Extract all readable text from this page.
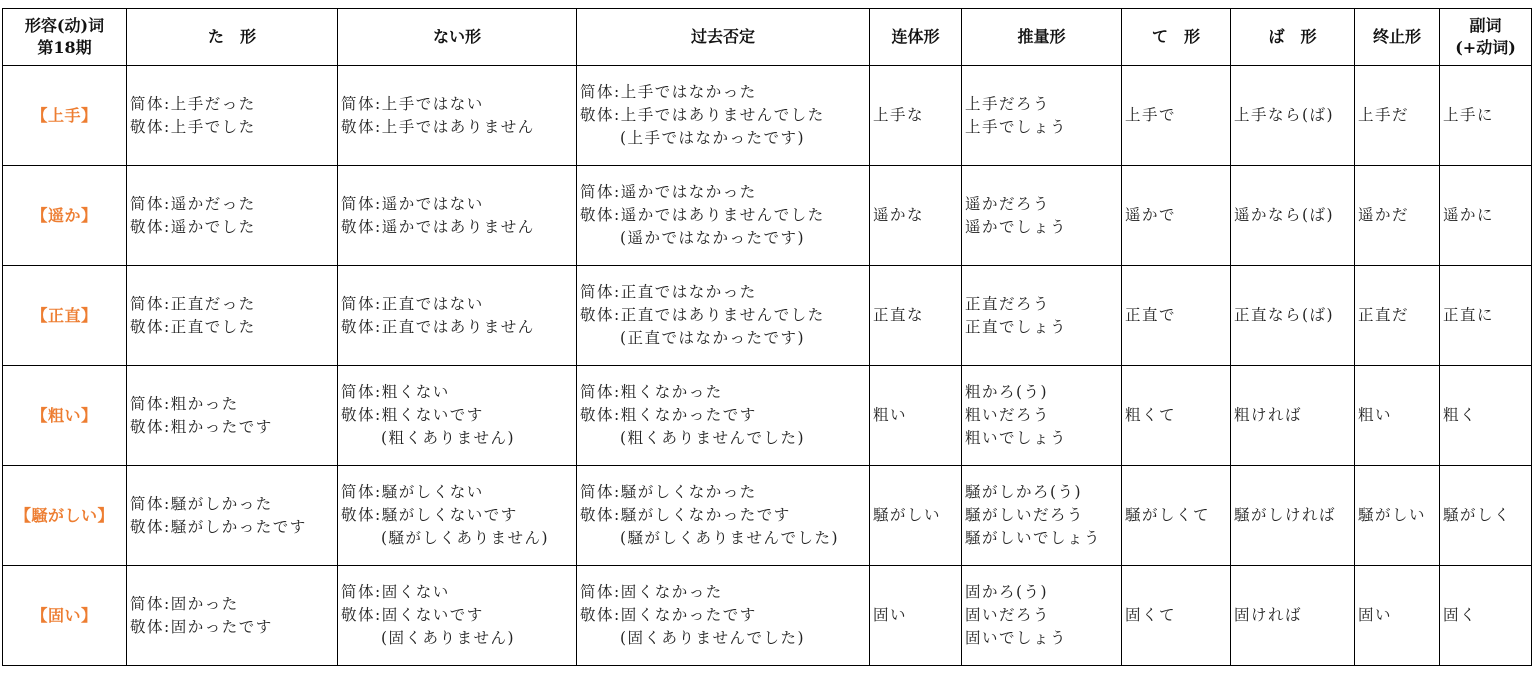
形容(动)词
第18期	た　形	ない形	过去否定	连体形	推量形	て　形	ば　形	终止形	副词
(+动词)

【上手】	简体:上手だった
敬体:上手でした	简体:上手ではない
敬体:上手ではありません	简体:上手ではなかった
敬体:上手ではありませんでした
(上手ではなかったです)	上手な	上手だろう
上手でしょう	上手で	上手なら(ば)	上手だ	上手に

【遥か】	简体:遥かだった
敬体:遥かでした	简体:遥かではない
敬体:遥かではありません	简体:遥かではなかった
敬体:遥かではありませんでした
(遥かではなかったです)	遥かな	遥かだろう
遥かでしょう	遥かで	遥かなら(ば)	遥かだ	遥かに

【正直】	简体:正直だった
敬体:正直でした	简体:正直ではない
敬体:正直ではありません	简体:正直ではなかった
敬体:正直ではありませんでした
(正直ではなかったです)	正直な	正直だろう
正直でしょう	正直で	正直なら(ば)	正直だ	正直に

【粗い】	简体:粗かった
敬体:粗かったです	简体:粗くない
敬体:粗くないです
(粗くありません)	简体:粗くなかった
敬体:粗くなかったです
(粗くありませんでした)	粗い	粗かろ(う)
粗いだろう
粗いでしょう	粗くて	粗ければ	粗い	粗く

【騒がしい】	简体:騒がしかった
敬体:騒がしかったです	简体:騒がしくない
敬体:騒がしくないです
(騒がしくありません)	简体:騒がしくなかった
敬体:騒がしくなかったです
(騒がしくありませんでした)	騒がしい	騒がしかろ(う)
騒がしいだろう
騒がしいでしょう	騒がしくて	騒がしければ	騒がしい	騒がしく

【固い】	简体:固かった
敬体:固かったです	简体:固くない
敬体:固くないです
(固くありません)	简体:固くなかった
敬体:固くなかったです
(固くありませんでした)	固い	固かろ(う)
固いだろう
固いでしょう	固くて	固ければ	固い	固く
